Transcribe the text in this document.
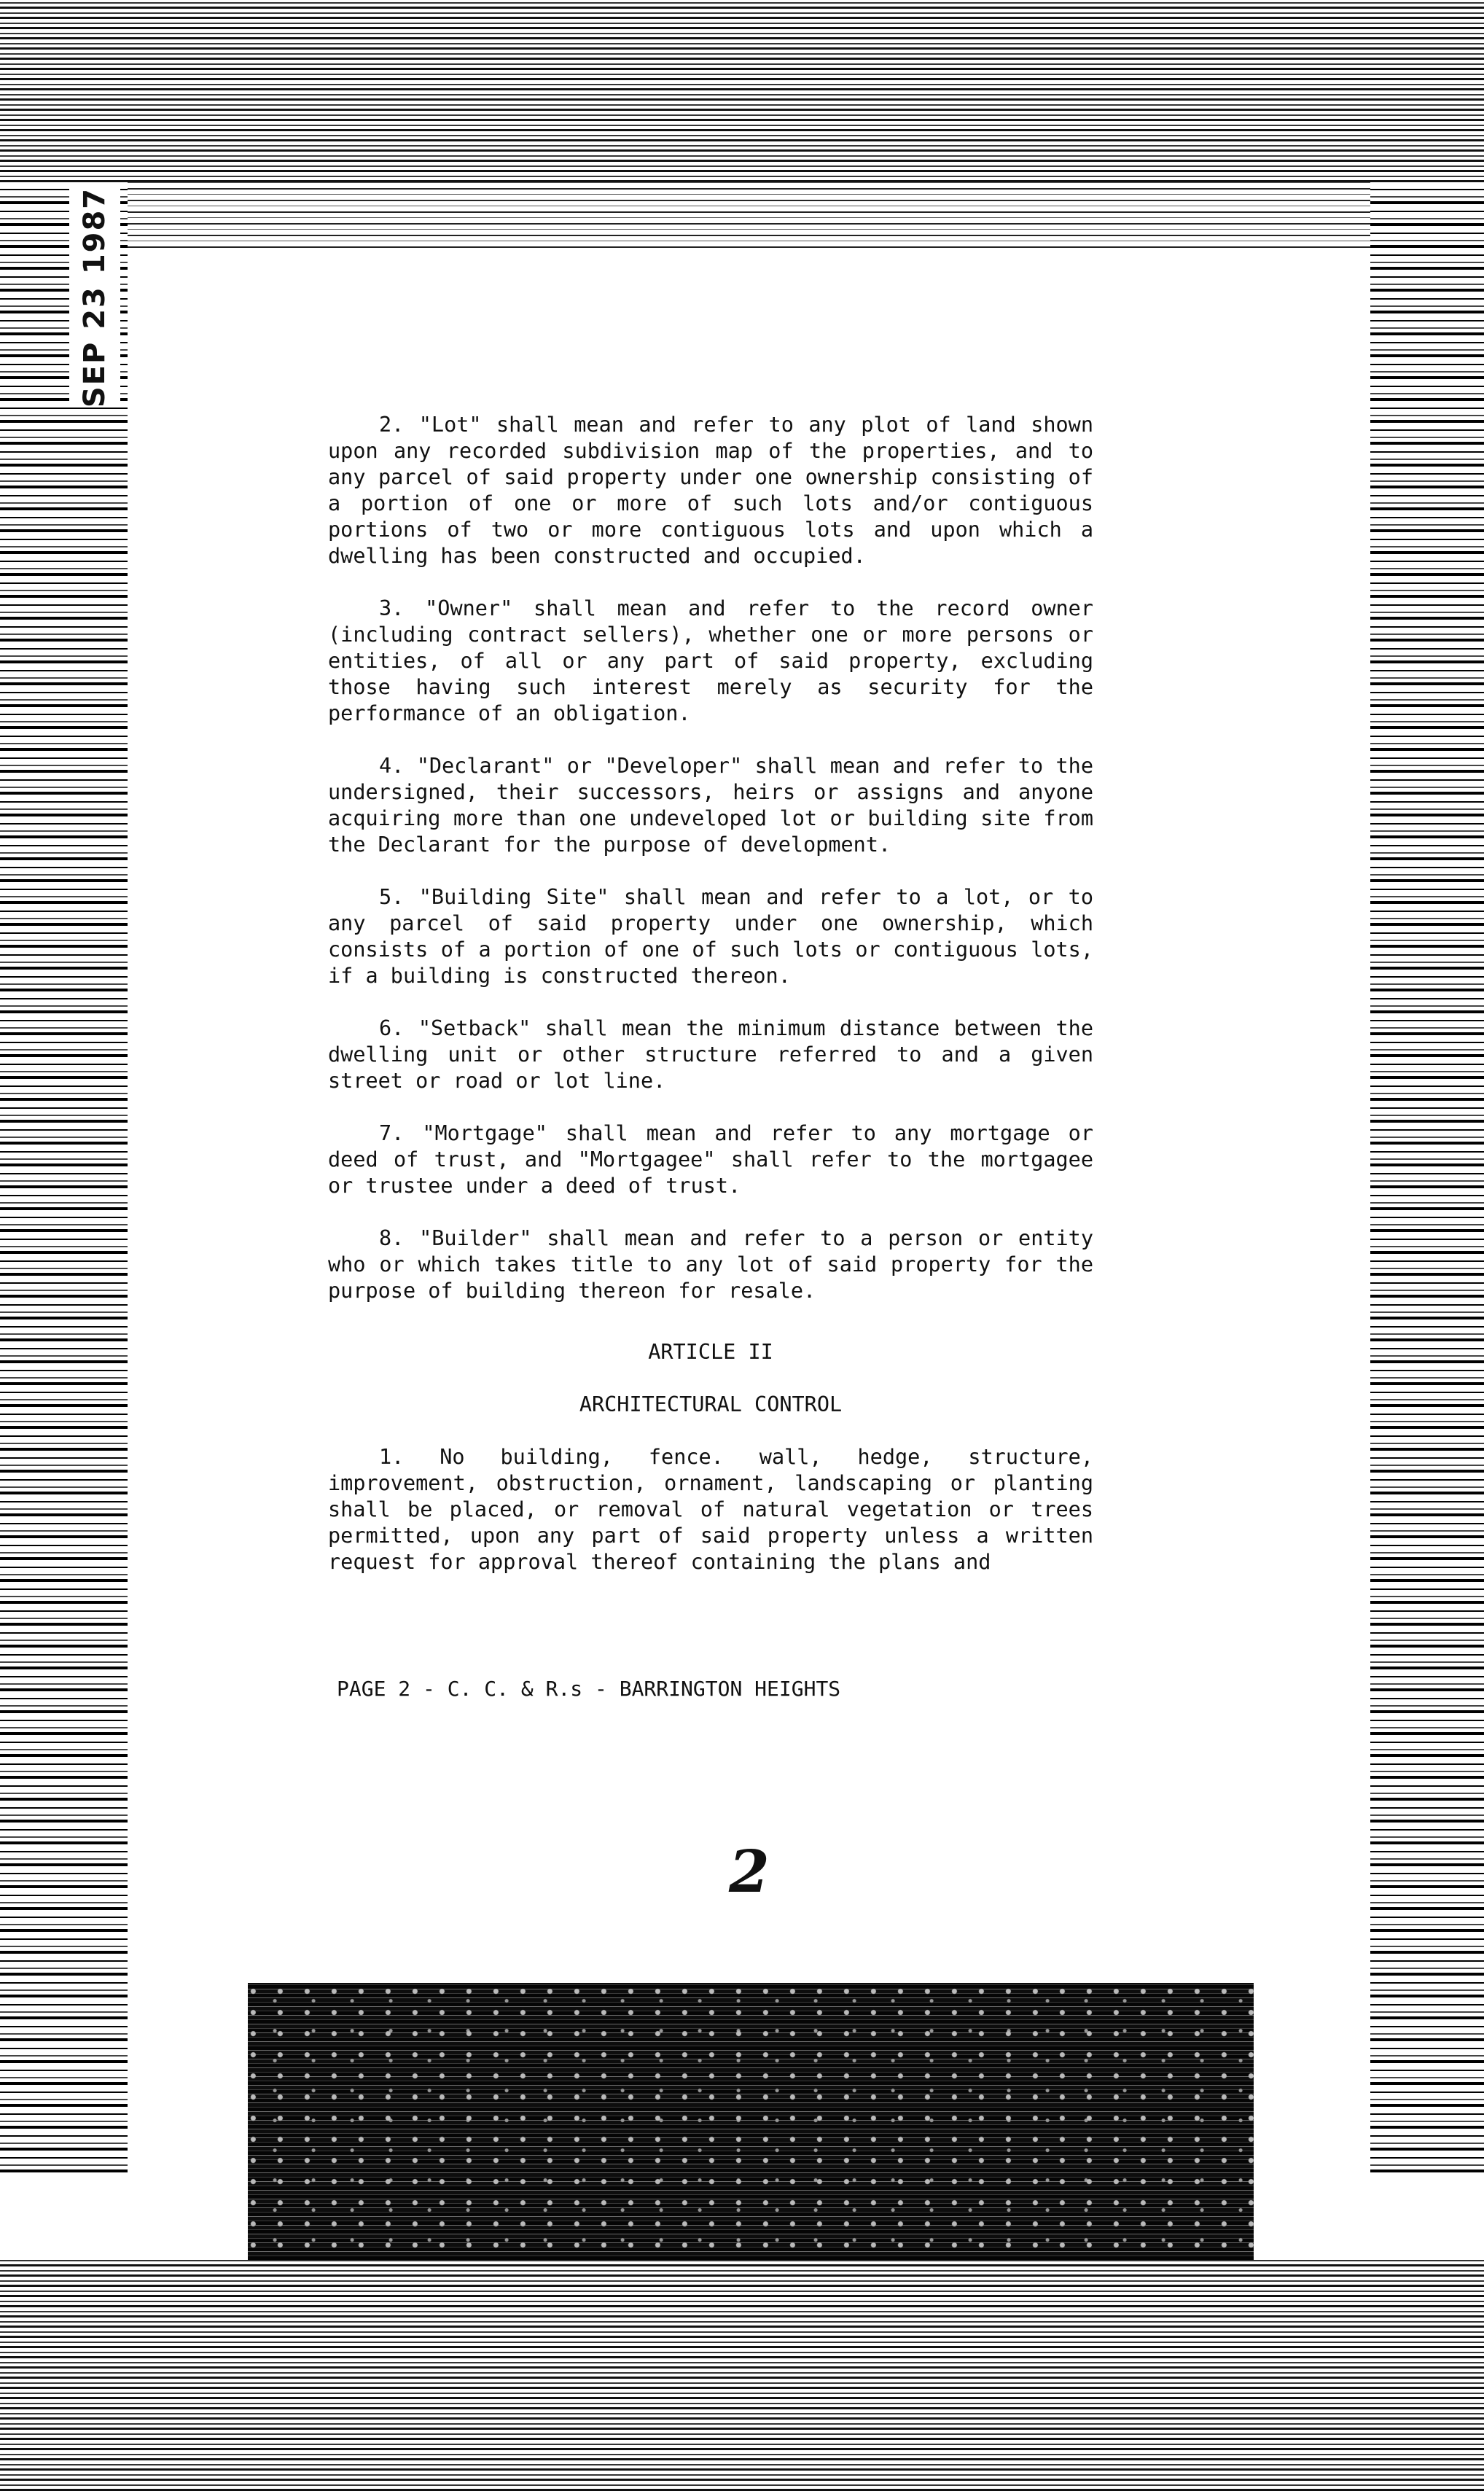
SEP 23 1987

2. "Lot" shall mean and refer to any plot of land shown upon any recorded subdivision map of the properties, and to any parcel of said property under one ownership consisting of a portion of one or more of such lots and/or contiguous portions of two or more contiguous lots and upon which a dwelling has been constructed and occupied.

3. "Owner" shall mean and refer to the record owner (including contract sellers), whether one or more persons or entities, of all or any part of said property, excluding those having such interest merely as security for the performance of an obligation.

4. "Declarant" or "Developer" shall mean and refer to the undersigned, their successors, heirs or assigns and anyone acquiring more than one undeveloped lot or building site from the Declarant for the purpose of development.

5. "Building Site" shall mean and refer to a lot, or to any parcel of said property under one ownership, which consists of a portion of one of such lots or contiguous lots, if a building is constructed thereon.

6. "Setback" shall mean the minimum distance between the dwelling unit or other structure referred to and a given street or road or lot line.

7. "Mortgage" shall mean and refer to any mortgage or deed of trust, and "Mortgagee" shall refer to the mortgagee or trustee under a deed of trust.

8. "Builder" shall mean and refer to a person or entity who or which takes title to any lot of said property for the purpose of building thereon for resale.

ARTICLE II
ARCHITECTURAL CONTROL

1. No building, fence. wall, hedge, structure, improvement, obstruction, ornament, landscaping or planting shall be placed, or removal of natural vegetation or trees permitted, upon any part of said property unless a written request for approval thereof containing the plans and

PAGE 2 - C. C. & R.s - BARRINGTON HEIGHTS
2
